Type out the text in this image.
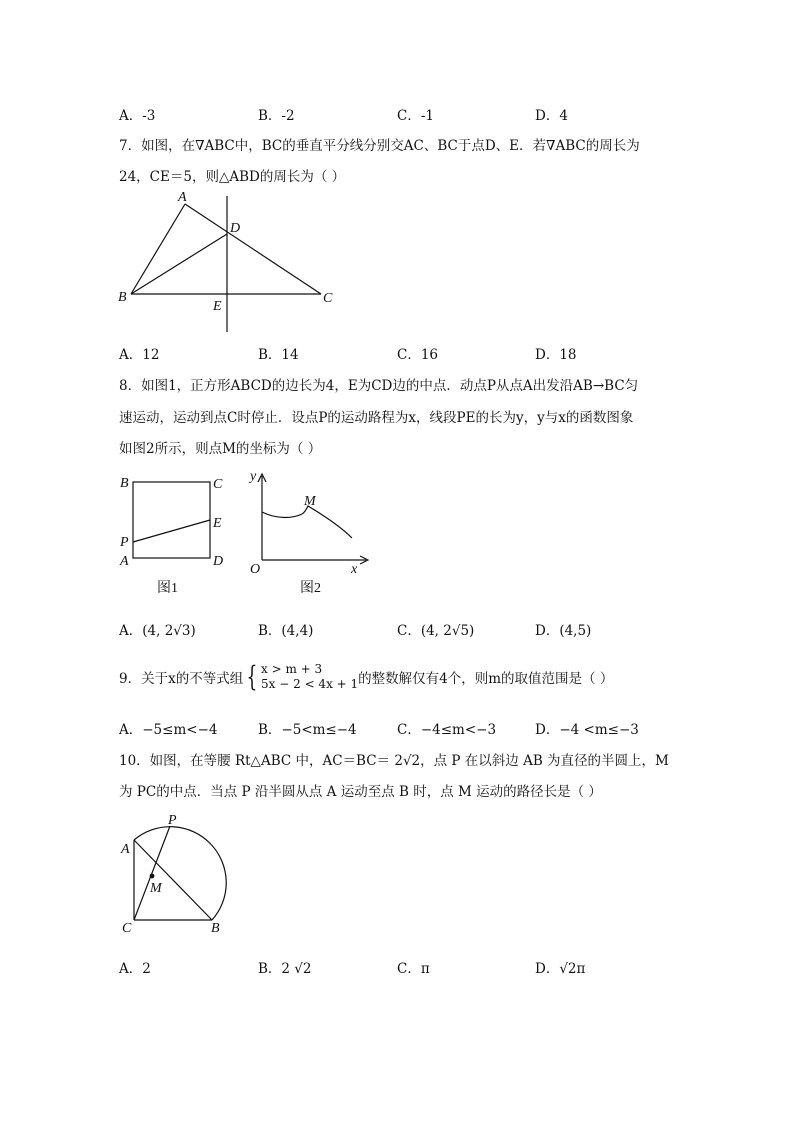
A．-3	B．-2	C．-1	D．4
7．如图，在∇ABC中，BC的垂直平分线分别交AC、BC于点D、E．若∇ABC的周长为
24，CE＝5，则△ABD的周长为（ ）
A
D
B
E
C
A．12	B．14	C．16	D．18
8．如图1，正方形ABCD的边长为4，E为CD边的中点．动点P从点A出发沿AB→BC匀
速运动，运动到点C时停止．设点P的运动路程为x，线段PE的长为y，y与x的函数图象
如图2所示，则点M的坐标为（ ）
B	C
E
P
A	D
图1
y
M
O	x
图2
A．(4, 2√3)	B．(4,4)	C．(4, 2√5)	D．(4,5)
9．关于x的不等式组 { x > m + 3
5x − 2 < 4x + 1的整数解仅有4个，则m的取值范围是（ ）
A．−5≤m<−4	B．−5<m≤−4	C．−4≤m<−3	D．−4 <m≤−3
10．如图，在等腰 Rt△ABC 中，AC＝BC＝ 2√2，点 P 在以斜边 AB 为直径的半圆上，M
为 PC的中点．当点 P 沿半圆从点 A 运动至点 B 时，点 M 运动的路径长是（ ）
P
A
M
C	B
A．2	B．2 √2	C．π	D．√2π
